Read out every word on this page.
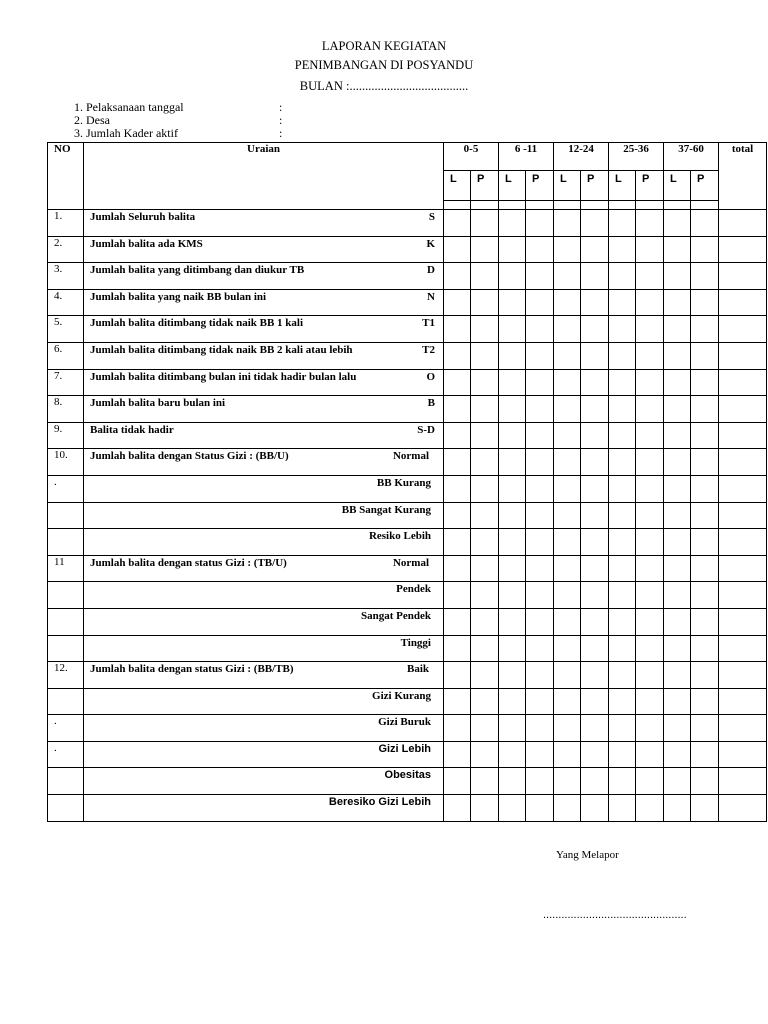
LAPORAN KEGIATAN
PENIMBANGAN DI POSYANDU
BULAN :......................................
1. Pelaksanaan tanggal	:
2. Desa	:
3. Jumlah Kader aktif	:
NO	Uraian	0-5		6 -11		12-24		25-36		37-60		total
		L	P	L	P	L	P	L	P	L	P	

1.	Jumlah Seluruh balita S											

2.	Jumlah balita ada KMS K											

3.	Jumlah balita yang ditimbang dan diukur TB D											

4.	Jumlah balita yang naik BB bulan ini N											

5.	Jumlah balita ditimbang tidak naik BB 1 kali T1											

6.	Jumlah balita ditimbang tidak naik BB 2 kali atau lebih T2											

7.	Jumlah balita ditimbang bulan ini tidak hadir bulan lalu O											

8.	Jumlah balita baru bulan ini B											

9.	Balita tidak hadir S-D											

10.	Jumlah balita dengan Status Gizi : (BB/U) Normal											

.	BB Kurang											
	BB Sangat Kurang											
	Resiko Lebih											
11	Jumlah balita dengan status Gizi : (TB/U) Normal											

	Pendek											
	Sangat Pendek											
	Tinggi											
12.	Jumlah balita dengan status Gizi : (BB/TB) Baik											

	Gizi Kurang											
.	Gizi Buruk											
.	Gizi Lebih											
	Obesitas											
	Beresiko Gizi Lebih											
Yang Melapor
...............................................
